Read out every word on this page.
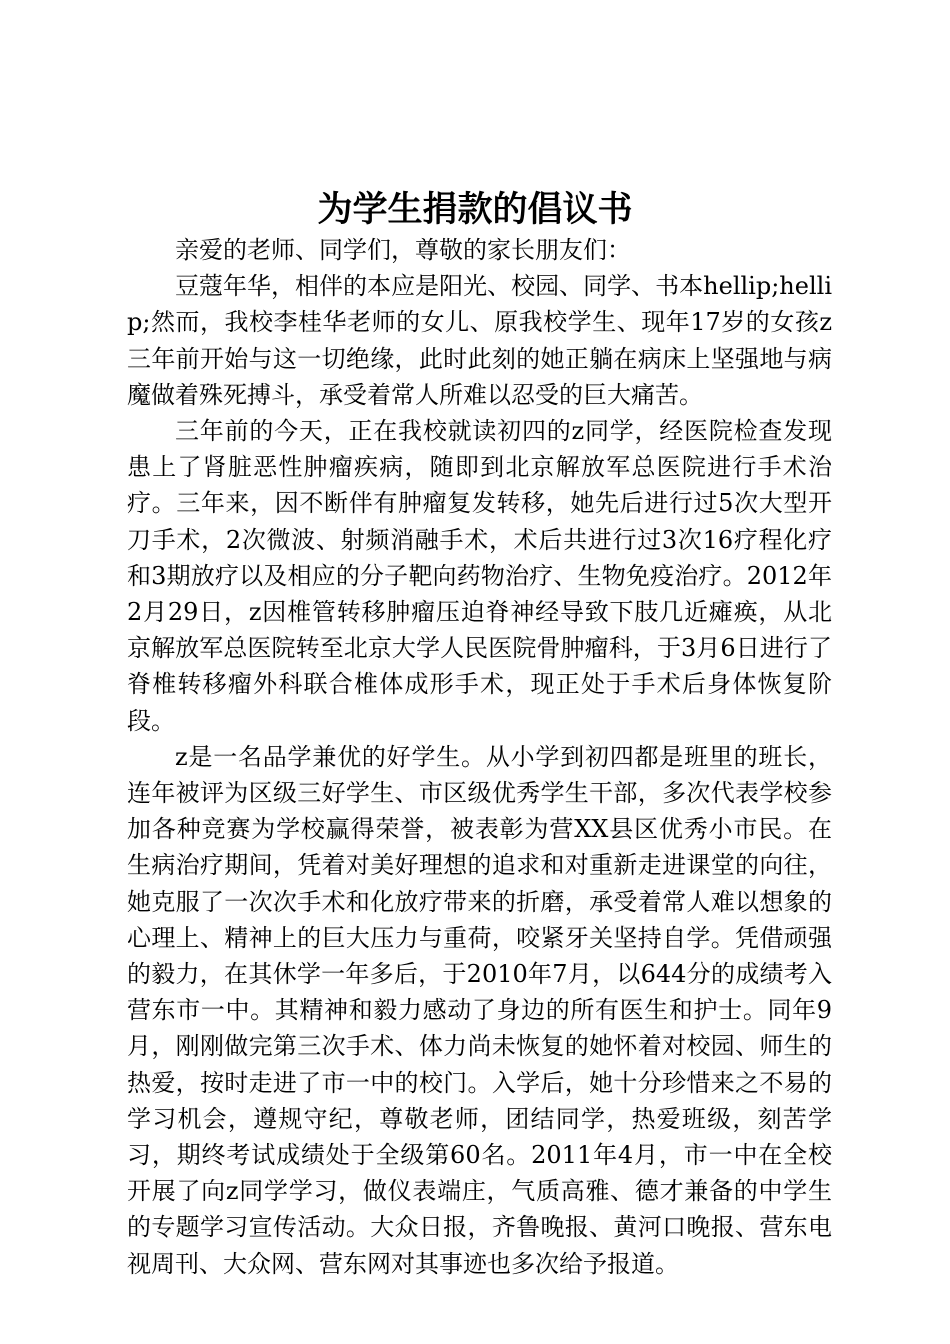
为学生捐款的倡议书

亲爱的老师、同学们，尊敬的家长朋友们：

豆蔻年华，相伴的本应是阳光、校园、同学、书本hellip;hellip;然而，我校李桂华老师的女儿、原我校学生、现年17岁的女孩z三年前开始与这一切绝缘，此时此刻的她正躺在病床上坚强地与病魔做着殊死搏斗，承受着常人所难以忍受的巨大痛苦。

三年前的今天，正在我校就读初四的z同学，经医院检查发现患上了肾脏恶性肿瘤疾病，随即到北京解放军总医院进行手术治疗。三年来，因不断伴有肿瘤复发转移，她先后进行过5次大型开刀手术，2次微波、射频消融手术，术后共进行过3次16疗程化疗和3期放疗以及相应的分子靶向药物治疗、生物免疫治疗。2012年2月29日，z因椎管转移肿瘤压迫脊神经导致下肢几近瘫痪，从北京解放军总医院转至北京大学人民医院骨肿瘤科，于3月6日进行了脊椎转移瘤外科联合椎体成形手术，现正处于手术后身体恢复阶段。

z是一名品学兼优的好学生。从小学到初四都是班里的班长，连年被评为区级三好学生、市区级优秀学生干部，多次代表学校参加各种竞赛为学校赢得荣誉，被表彰为营XX县区优秀小市民。在生病治疗期间，凭着对美好理想的追求和对重新走进课堂的向往，她克服了一次次手术和化放疗带来的折磨，承受着常人难以想象的心理上、精神上的巨大压力与重荷，咬紧牙关坚持自学。凭借顽强的毅力，在其休学一年多后，于2010年7月，以644分的成绩考入营东市一中。其精神和毅力感动了身边的所有医生和护士。同年9月，刚刚做完第三次手术、体力尚未恢复的她怀着对校园、师生的热爱，按时走进了市一中的校门。入学后，她十分珍惜来之不易的学习机会，遵规守纪，尊敬老师，团结同学，热爱班级，刻苦学习，期终考试成绩处于全级第60名。2011年4月，市一中在全校开展了向z同学学习，做仪表端庄，气质高雅、德才兼备的中学生的专题学习宣传活动。大众日报，齐鲁晚报、黄河口晚报、营东电视周刊、大众网、营东网对其事迹也多次给予报道。
